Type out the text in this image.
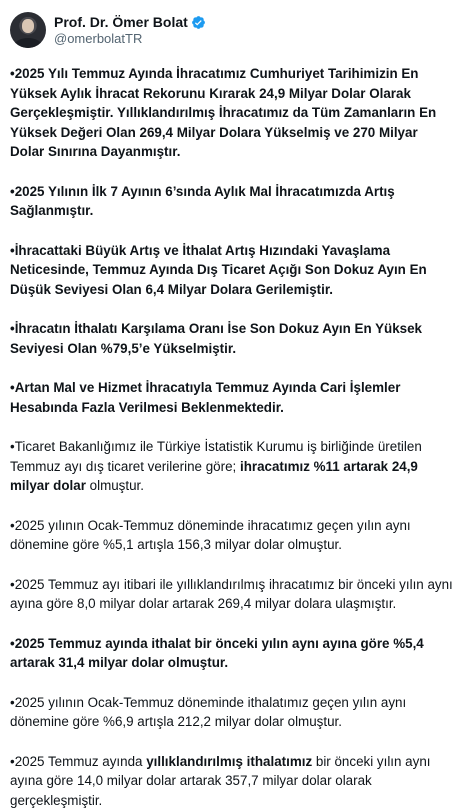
Prof. Dr. Ömer Bolat
@omerbolatTR

•2025 Yılı Temmuz Ayında İhracatımız Cumhuriyet Tarihimizin En Yüksek Aylık İhracat Rekorunu Kırarak 24,9 Milyar Dolar Olarak Gerçekleşmiştir. Yıllıklandırılmış İhracatımız da Tüm Zamanların En Yüksek Değeri Olan 269,4 Milyar Dolara Yükselmiş ve 270 Milyar Dolar Sınırına Dayanmıştır.

•2025 Yılının İlk 7 Ayının 6’sında Aylık Mal İhracatımızda Artış Sağlanmıştır.

•İhracattaki Büyük Artış ve İthalat Artış Hızındaki Yavaşlama Neticesinde, Temmuz Ayında Dış Ticaret Açığı Son Dokuz Ayın En Düşük Seviyesi Olan 6,4 Milyar Dolara Gerilemiştir.

•İhracatın İthalatı Karşılama Oranı İse Son Dokuz Ayın En Yüksek Seviyesi Olan %79,5’e Yükselmiştir.

•Artan Mal ve Hizmet İhracatıyla Temmuz Ayında Cari İşlemler Hesabında Fazla Verilmesi Beklenmektedir.

•Ticaret Bakanlığımız ile Türkiye İstatistik Kurumu iş birliğinde üretilen Temmuz ayı dış ticaret verilerine göre; ihracatımız %11 artarak 24,9 milyar dolar olmuştur.

•2025 yılının Ocak-Temmuz döneminde ihracatımız geçen yılın aynı dönemine göre %5,1 artışla 156,3 milyar dolar olmuştur.

•2025 Temmuz ayı itibari ile yıllıklandırılmış ihracatımız bir önceki yılın aynı ayına göre 8,0 milyar dolar artarak 269,4 milyar dolara ulaşmıştır.

•2025 Temmuz ayında ithalat bir önceki yılın aynı ayına göre %5,4 artarak 31,4 milyar dolar olmuştur.

•2025 yılının Ocak-Temmuz döneminde ithalatımız geçen yılın aynı dönemine göre %6,9 artışla 212,2 milyar dolar olmuştur.

•2025 Temmuz ayında yıllıklandırılmış ithalatımız bir önceki yılın aynı ayına göre 14,0 milyar dolar artarak 357,7 milyar dolar olarak gerçekleşmiştir.
